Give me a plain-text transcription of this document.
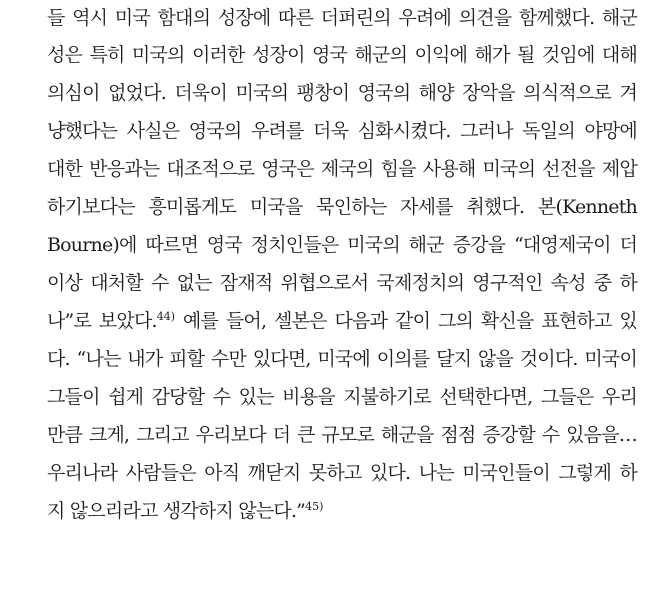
들 역시 미국 함대의 성장에 따른 더퍼린의 우려에 의견을 함께했다. 해군
성은 특히 미국의 이러한 성장이 영국 해군의 이익에 해가 될 것임에 대해
의심이 없었다. 더욱이 미국의 팽창이 영국의 해양 장악을 의식적으로 겨
냥했다는 사실은 영국의 우려를 더욱 심화시켰다. 그러나 독일의 야망에
대한 반응과는 대조적으로 영국은 제국의 힘을 사용해 미국의 선전을 제압
하기보다는 흥미롭게도 미국을 묵인하는 자세를 취했다. 본(Kenneth
Bourne)에 따르면 영국 정치인들은 미국의 해군 증강을 “대영제국이 더
이상 대처할 수 없는 잠재적 위협으로서 국제정치의 영구적인 속성 중 하
나”로 보았다.$^{44)}$ 예를 들어, 셀본은 다음과 같이 그의 확신을 표현하고 있
다. “나는 내가 피할 수만 있다면, 미국에 이의를 달지 않을 것이다. 미국이
그들이 쉽게 감당할 수 있는 비용을 지불하기로 선택한다면, 그들은 우리
만큼 크게, 그리고 우리보다 더 큰 규모로 해군을 점점 증강할 수 있음을…
우리나라 사람들은 아직 깨닫지 못하고 있다. 나는 미국인들이 그렇게 하
지 않으리라고 생각하지 않는다.”$^{45)}$
